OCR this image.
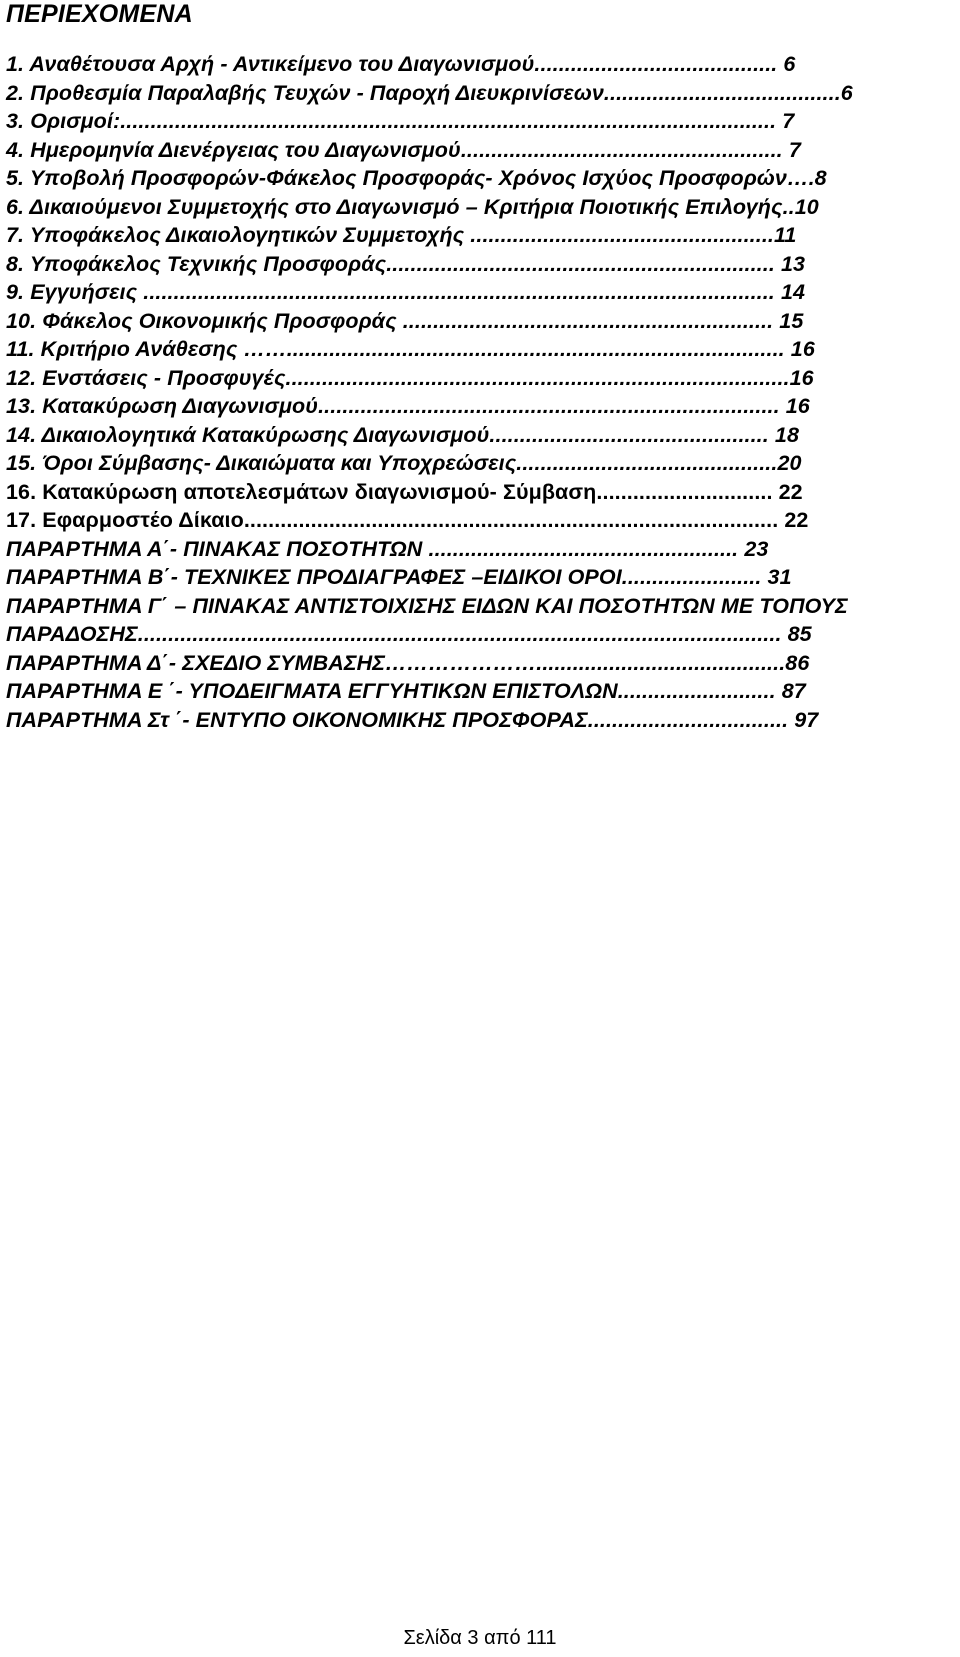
ΠΕΡΙΕΧΟΜΕΝΑ
1. Αναθέτουσα Αρχή - Αντικείμενο του Διαγωνισμού........................................ 6
2. Προθεσμία Παραλαβής Τευχών - Παροχή Διευκρινίσεων.......................................6
3. Ορισμοί:............................................................................................................ 7
4. Ημερομηνία Διενέργειας του Διαγωνισμού..................................................... 7
5. Υποβολή Προσφορών-Φάκελος Προσφοράς- Χρόνος Ισχύος Προσφορών….8
6. Δικαιούμενοι Συμμετοχής στο Διαγωνισμό – Κριτήρια Ποιοτικής Επιλογής..10
7. Υποφάκελος Δικαιολογητικών Συμμετοχής ..................................................11
8. Υποφάκελος Τεχνικής Προσφοράς................................................................ 13
9. Εγγυήσεις ........................................................................................................ 14
10. Φάκελος Οικονομικής Προσφοράς ............................................................. 15
11. Κριτήριο Ανάθεσης …….................................................................................. 16
12. Ενστάσεις - Προσφυγές...................................................................................16
13. Κατακύρωση Διαγωνισμού............................................................................ 16
14. Δικαιολογητικά Κατακύρωσης Διαγωνισμού.............................................. 18
15. Όροι Σύμβασης- Δικαιώματα και Υποχρεώσεις...........................................20
16. Κατακύρωση αποτελεσμάτων διαγωνισμού- Σύμβαση............................. 22
17. Εφαρμοστέο Δίκαιο........................................................................................ 22
ΠΑΡΑΡΤΗΜΑ Α΄- ΠΙΝΑΚΑΣ ΠΟΣΟΤΗΤΩΝ ................................................... 23
ΠΑΡΑΡΤΗΜΑ Β΄- ΤΕΧΝΙΚΕΣ ΠΡΟΔΙΑΓΡΑΦΕΣ –ΕΙΔΙΚΟΙ ΟΡΟΙ....................... 31
ΠΑΡΑΡΤΗΜΑ Γ΄ – ΠΙΝΑΚΑΣ ΑΝΤΙΣΤΟΙΧΙΣΗΣ ΕΙΔΩΝ ΚΑΙ ΠΟΣΟΤΗΤΩΝ ΜΕ ΤΟΠΟΥΣ
ΠΑΡΑΔΟΣΗΣ.......................................................................................................... 85
ΠΑΡΑΡΤΗΜΑ Δ΄- ΣΧΕΔΙΟ ΣΥΜΒΑΣΗΣ………………….........................................86
ΠΑΡΑΡΤΗΜΑ Ε ΄- ΥΠΟΔΕΙΓΜΑΤΑ ΕΓΓΥΗΤΙΚΩΝ ΕΠΙΣΤΟΛΩΝ.......................... 87
ΠΑΡΑΡΤΗΜΑ Στ ΄- ΕΝΤΥΠΟ ΟΙΚΟΝΟΜΙΚΗΣ ΠΡΟΣΦΟΡΑΣ................................. 97
Σελίδα 3 από 111
